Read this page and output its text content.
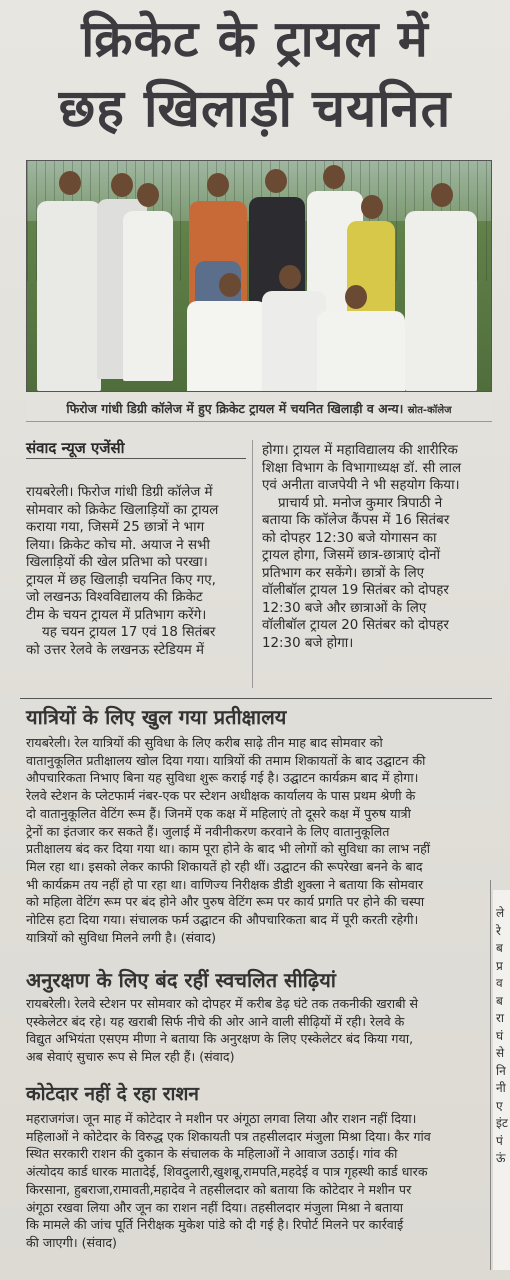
क्रिकेट के ट्रायल में
छह खिलाड़ी चयनित
फिरोज गांधी डिग्री कॉलेज में हुए क्रिकेट ट्रायल में चयनित खिलाड़ी व अन्य। स्रोत-कॉलेज
संवाद न्यूज एजेंसी
रायबरेली। फिरोज गांधी डिग्री कॉलेज में
सोमवार को क्रिकेट खिलाड़ियों का ट्रायल
कराया गया, जिसमें 25 छात्रों ने भाग
लिया। क्रिकेट कोच मो. अयाज ने सभी
खिलाड़ियों की खेल प्रतिभा को परखा।
ट्रायल में छह खिलाड़ी चयनित किए गए,
जो लखनऊ विश्वविद्यालय की क्रिकेट
टीम के चयन ट्रायल में प्रतिभाग करेंगे।
यह चयन ट्रायल 17 एवं 18 सितंबर
को उत्तर रेलवे के लखनऊ स्टेडियम में
होगा। ट्रायल में महाविद्यालय की शारीरिक
शिक्षा विभाग के विभागाध्यक्ष डॉ. सी लाल
एवं अनीता वाजपेयी ने भी सहयोग किया।
प्राचार्य प्रो. मनोज कुमार त्रिपाठी ने
बताया कि कॉलेज कैंपस में 16 सितंबर
को दोपहर 12:30 बजे योगासन का
ट्रायल होगा, जिसमें छात्र-छात्राएं दोनों
प्रतिभाग कर सकेंगे। छात्रों के लिए
वॉलीबॉल ट्रायल 19 सितंबर को दोपहर
12:30 बजे और छात्राओं के लिए
वॉलीबॉल ट्रायल 20 सितंबर को दोपहर
12:30 बजे होगा।
यात्रियों के लिए खुल गया प्रतीक्षालय
रायबरेली। रेल यात्रियों की सुविधा के लिए करीब साढ़े तीन माह बाद सोमवार को
वातानुकूलित प्रतीक्षालय खोल दिया गया। यात्रियों की तमाम शिकायतों के बाद उद्घाटन की
औपचारिकता निभाए बिना यह सुविधा शुरू कराई गई है। उद्घाटन कार्यक्रम बाद में होगा।
रेलवे स्टेशन के प्लेटफार्म नंबर-एक पर स्टेशन अधीक्षक कार्यालय के पास प्रथम श्रेणी के
दो वातानुकूलित वेटिंग रूम हैं। जिनमें एक कक्ष में महिलाएं तो दूसरे कक्ष में पुरुष यात्री
ट्रेनों का इंतजार कर सकते हैं। जुलाई में नवीनीकरण करवाने के लिए वातानुकूलित
प्रतीक्षालय बंद कर दिया गया था। काम पूरा होने के बाद भी लोगों को सुविधा का लाभ नहीं
मिल रहा था। इसको लेकर काफी शिकायतें हो रही थीं। उद्घाटन की रूपरेखा बनने के बाद
भी कार्यक्रम तय नहीं हो पा रहा था। वाणिज्य निरीक्षक डीडी शुक्ला ने बताया कि सोमवार
को महिला वेटिंग रूम पर बंद होने और पुरुष वेटिंग रूम पर कार्य प्रगति पर होने की चस्पा
नोटिस हटा दिया गया। संचालक फर्म उद्घाटन की औपचारिकता बाद में पूरी करती रहेगी।
यात्रियों को सुविधा मिलने लगी है। (संवाद)
अनुरक्षण के लिए बंद रहीं स्वचलित सीढ़ियां
रायबरेली। रेलवे स्टेशन पर सोमवार को दोपहर में करीब डेढ़ घंटे तक तकनीकी खराबी से
एस्केलेटर बंद रहे। यह खराबी सिर्फ नीचे की ओर आने वाली सीढ़ियों में रही। रेलवे के
विद्युत अभियंता एसएम मीणा ने बताया कि अनुरक्षण के लिए एस्केलेटर बंद किया गया,
अब सेवाएं सुचारु रूप से मिल रही हैं। (संवाद)
कोटेदार नहीं दे रहा राशन
महराजगंज। जून माह में कोटेदार ने मशीन पर अंगूठा लगवा लिया और राशन नहीं दिया।
महिलाओं ने कोटेदार के विरुद्ध एक शिकायती पत्र तहसीलदार मंजुला मिश्रा दिया। कैर गांव
स्थित सरकारी राशन की दुकान के संचालक के महिलाओं ने आवाज उठाई। गांव की
अंत्योदय कार्ड धारक मातादेई, शिवदुलारी,खुशबू,रामपति,महदेई व पात्र गृहस्थी कार्ड धारक
किरसाना, हुबराजा,रामावती,महादेव ने तहसीलदार को बताया कि कोटेदार ने मशीन पर
अंगूठा रखवा लिया और जून का राशन नहीं दिया। तहसीलदार मंजुला मिश्रा ने बताया
कि मामले की जांच पूर्ति निरीक्षक मुकेश पांडे को दी गई है। रिपोर्ट मिलने पर कार्रवाई
की जाएगी। (संवाद)
ले
रे
ब
प्र
व
ब
रा
घं
से
नि
नी
ए
इंट
पं
ऊं
